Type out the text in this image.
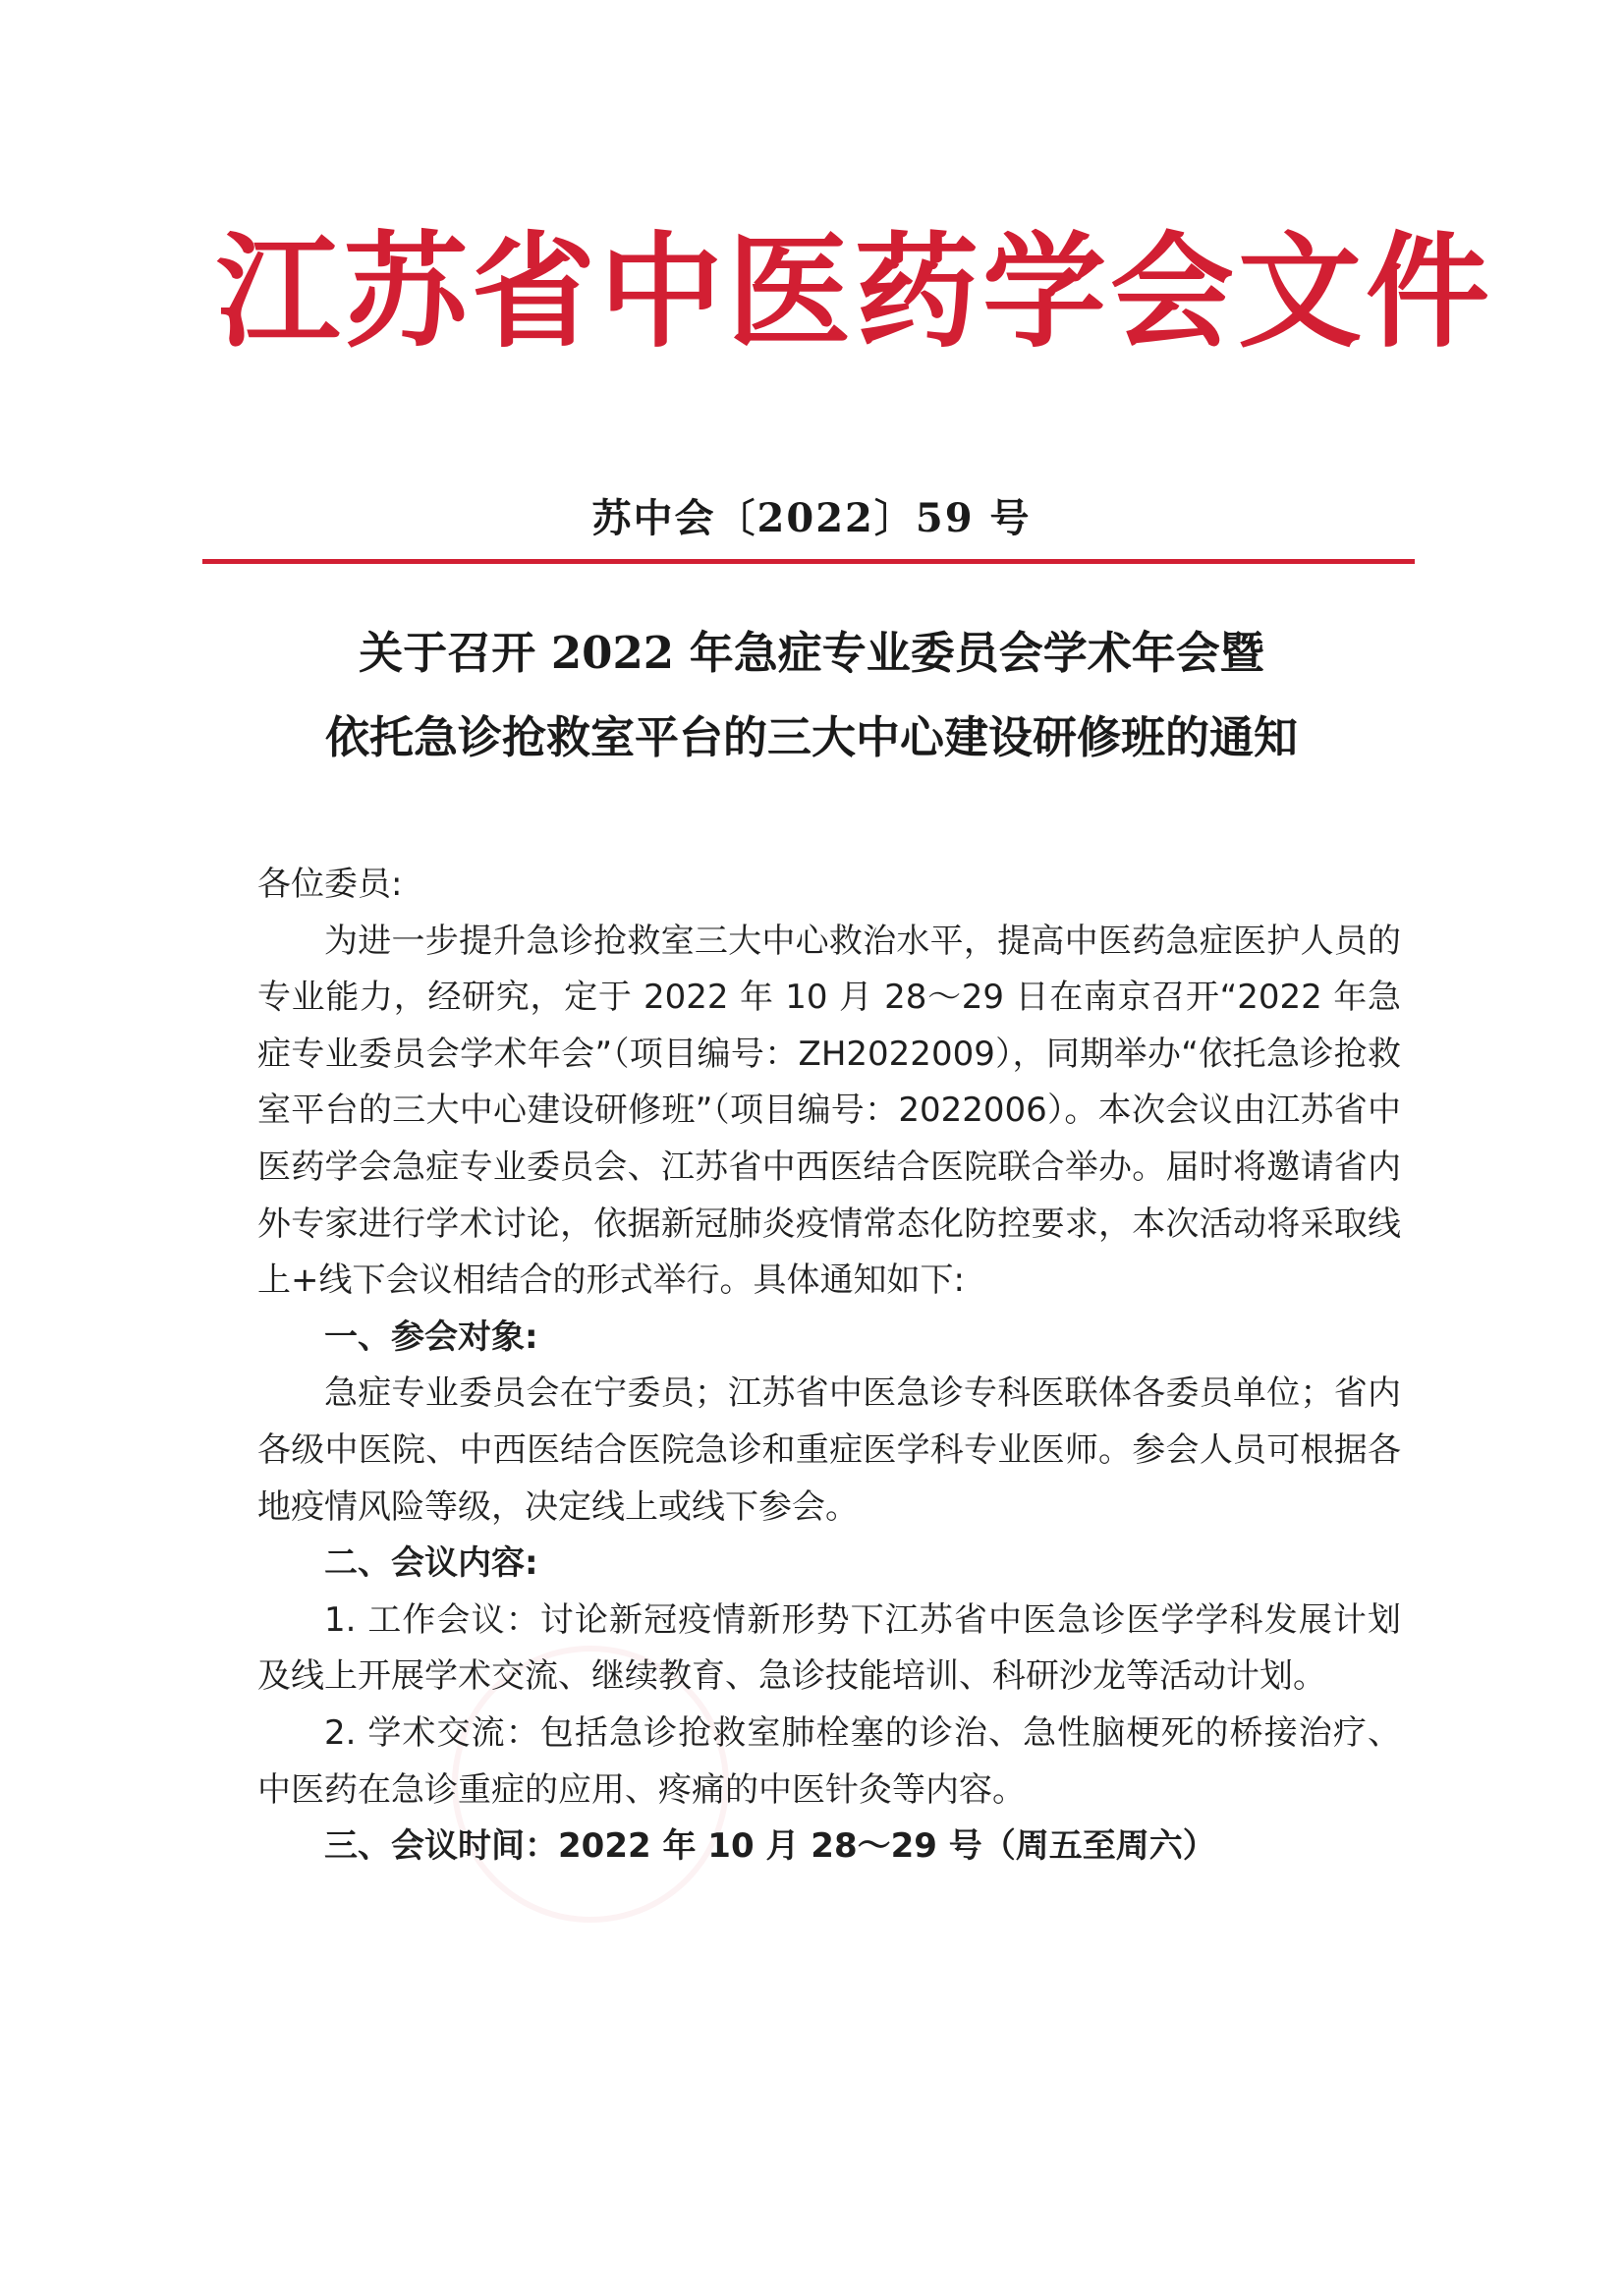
江苏省中医药学会文件
苏中会〔2022〕59 号
关于召开 2022 年急症专业委员会学术年会暨
依托急诊抢救室平台的三大中心建设研修班的通知

各位委员:

为进一步提升急诊抢救室三大中心救治水平，提高中医药急症医护人员的专业能力，经研究，定于 2022 年 10 月 28～29 日在南京召开“2022 年急症专业委员会学术年会”（项目编号：ZH2022009），同期举办“依托急诊抢救室平台的三大中心建设研修班”（项目编号：2022006）。本次会议由江苏省中医药学会急症专业委员会、江苏省中西医结合医院联合举办。届时将邀请省内外专家进行学术讨论，依据新冠肺炎疫情常态化防控要求，本次活动将采取线上+线下会议相结合的形式举行。具体通知如下:

一、参会对象:

急症专业委员会在宁委员；江苏省中医急诊专科医联体各委员单位；省内各级中医院、中西医结合医院急诊和重症医学科专业医师。参会人员可根据各地疫情风险等级，决定线上或线下参会。

二、会议内容:

1. 工作会议：讨论新冠疫情新形势下江苏省中医急诊医学学科发展计划及线上开展学术交流、继续教育、急诊技能培训、科研沙龙等活动计划。

2. 学术交流：包括急诊抢救室肺栓塞的诊治、急性脑梗死的桥接治疗、中医药在急诊重症的应用、疼痛的中医针灸等内容。

三、会议时间：2022 年 10 月 28～29 号（周五至周六）
